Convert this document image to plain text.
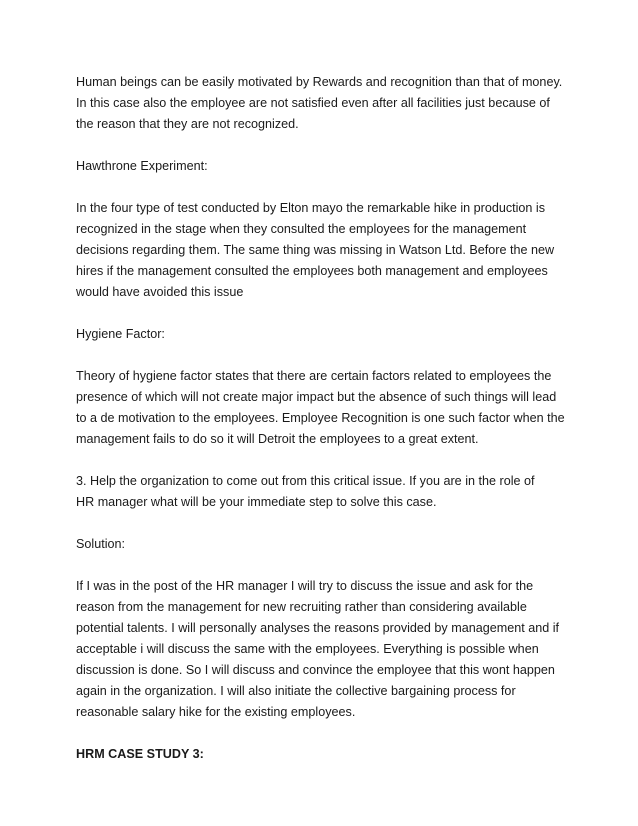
Human beings can be easily motivated by Rewards and recognition than that of money.
In this case also the employee are not satisfied even after all facilities just because of
the reason that they are not recognized.
Hawthrone Experiment:
In the four type of test conducted by Elton mayo the remarkable hike in production is
recognized in the stage when they consulted the employees for the management
decisions regarding them. The same thing was missing in Watson Ltd. Before the new
hires if the management consulted the employees both management and employees
would have avoided this issue
Hygiene Factor:
Theory of hygiene factor states that there are certain factors related to employees the
presence of which will not create major impact but the absence of such things will lead
to a de motivation to the employees. Employee Recognition is one such factor when the
management fails to do so it will Detroit the employees to a great extent.
3. Help the organization to come out from this critical issue. If you are in the role of
HR manager what will be your immediate step to solve this case.
Solution:
If I was in the post of the HR manager I will try to discuss the issue and ask for the
reason from the management for new recruiting rather than considering available
potential talents. I will personally analyses the reasons provided by management and if
acceptable i will discuss the same with the employees. Everything is possible when
discussion is done. So I will discuss and convince the employee that this wont happen
again in the organization. I will also initiate the collective bargaining process for
reasonable salary hike for the existing employees.
HRM CASE STUDY 3:
